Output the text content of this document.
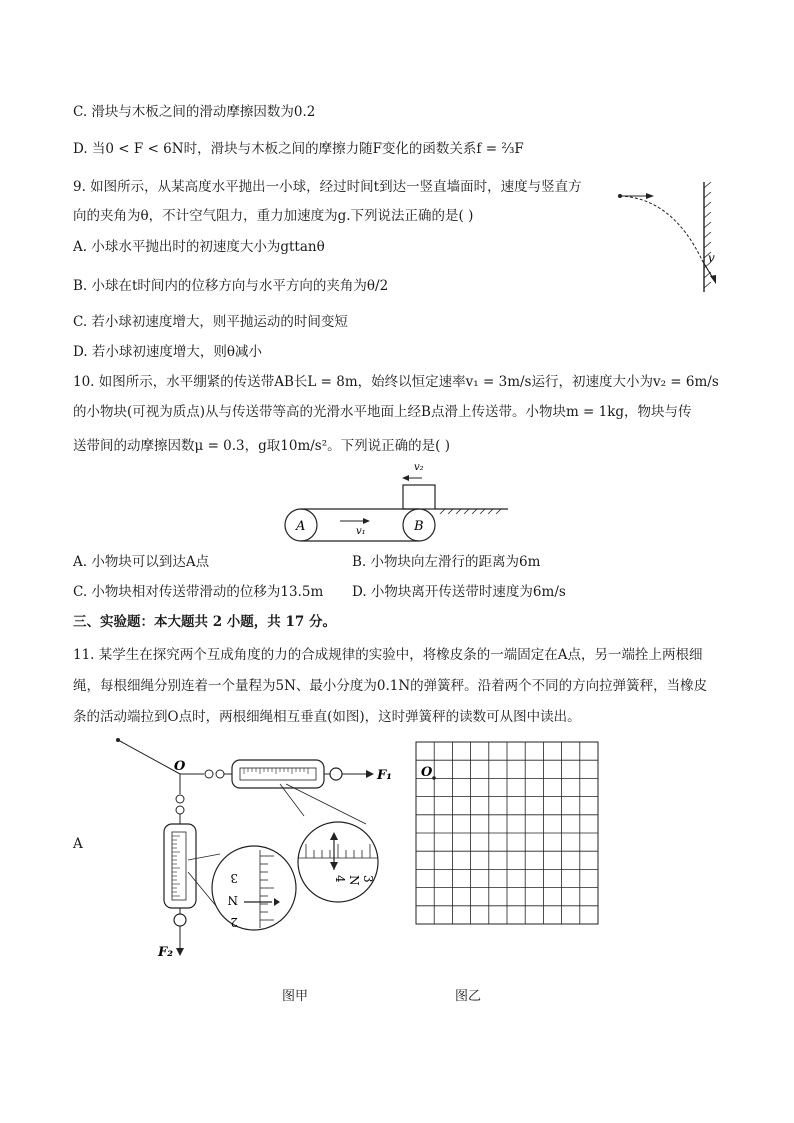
C. 滑块与木板之间的滑动摩擦因数为0.2
D. 当0 < F < 6N时，滑块与木板之间的摩擦力随F变化的函数关系f = ⅔F
9. 如图所示，从某高度水平抛出一小球，经过时间t到达一竖直墙面时，速度与竖直方
向的夹角为θ，不计空气阻力，重力加速度为g.下列说法正确的是( )
A. 小球水平抛出时的初速度大小为gttanθ
B. 小球在t时间内的位移方向与水平方向的夹角为θ/2
C. 若小球初速度增大，则平抛运动的时间变短
D. 若小球初速度增大，则θ减小
10. 如图所示，水平绷紧的传送带AB长L = 8m，始终以恒定速率v₁ = 3m/s运行，初速度大小为v₂ = 6m/s
的小物块(可视为质点)从与传送带等高的光滑水平地面上经B点滑上传送带。小物块m = 1kg，物块与传
送带间的动摩擦因数μ = 0.3，g取10m/s²。下列说正确的是( )
A. 小物块可以到达A点	B. 小物块向左滑行的距离为6m
C. 小物块相对传送带滑动的位移为13.5m D. 小物块离开传送带时速度为6m/s
三、实验题：本大题共 2 小题，共 17 分。
11. 某学生在探究两个互成角度的力的合成规律的实验中，将橡皮条的一端固定在A点，另一端拴上两根细
绳，每根细绳分别连着一个量程为5N、最小分度为0.1N的弹簧秤。沿着两个不同的方向拉弹簧秤，当橡皮
条的活动端拉到O点时，两根细绳相互垂直(如图)，这时弹簧秤的读数可从图中读出。
v
v₂
A	B
v₁
A
O
F₁
F₂
3
N
4
3
N
2
O
图甲	图乙
